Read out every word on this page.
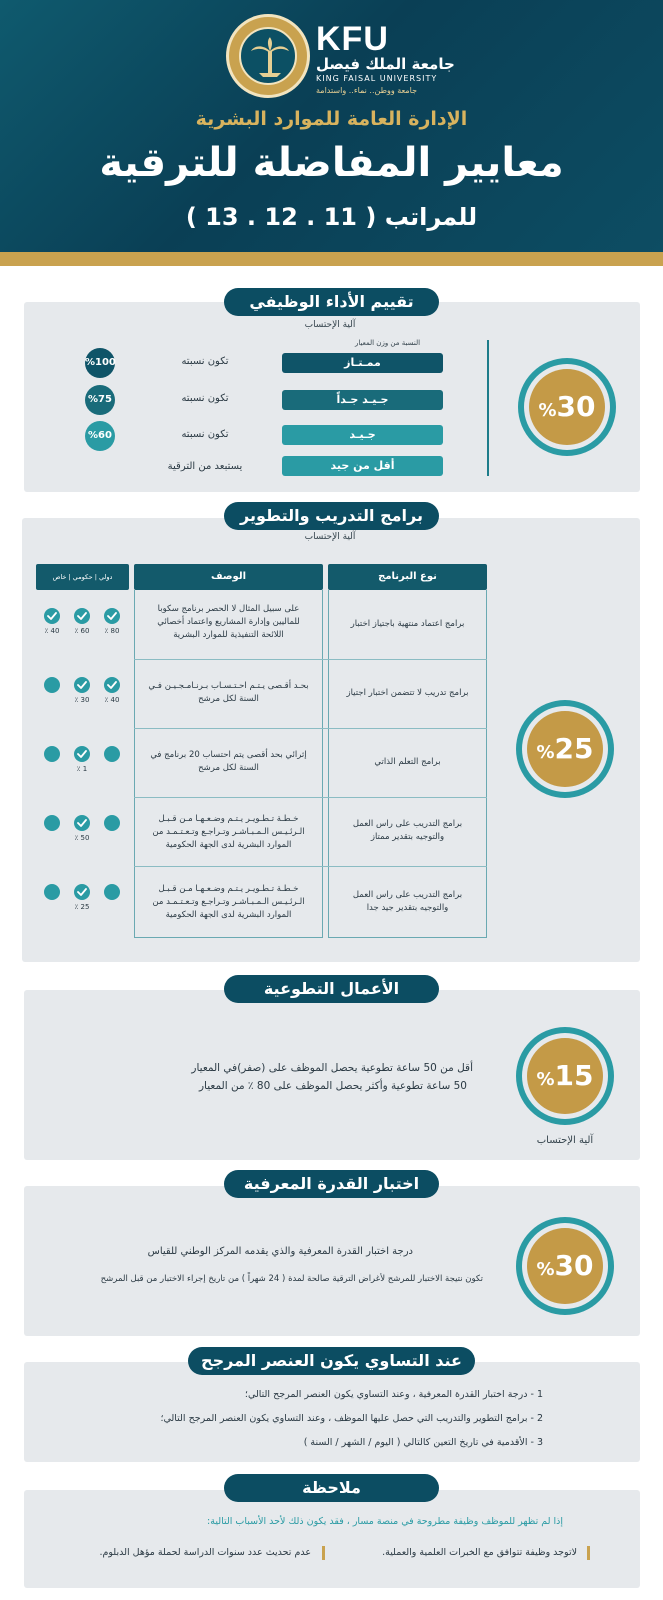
KFU
جامعة الملك فيصل
KING FAISAL UNIVERSITY
جامعة ووطن.. نماء.. واستدامة
الإدارة العامة للموارد البشرية
معايير المفاضلة للترقية
للمراتب ( 11 . 12 . 13 )
تقييم الأداء الوظيفي
آلية الإحتساب
النسبة من وزن المعيار
%30
ممـتـاز
جـيـد جـداً
جـيـد
أقل من جيد
تكون نسبته
تكون نسبته
تكون نسبته
يستبعد من الترقية
%100
%75
%60
برامج التدريب والتطوير
آلية الإحتساب
%25
نوع البرنامج
الوصف
دولي | حكومي | خاص
برامج اعتماد منتهية باجتياز اختبار
على سبيل المثال لا الحصر برنامج سكوبا
للماليين وإدارة المشاريع واعتماد أخصائي
اللائحة التنفيذية للموارد البشرية
برامج تدريب لا تتضمن اختبار اجتياز
بحـد أقـصى يـتـم احـتـسـاب بـرنـامـجـيـن فـي
السنة لكل مرشح
برامج التعلم الذاتي
إثرائي بحد أقصى يتم احتساب 20 برنامج في
السنة لكل مرشح
برامج التدريب على راس العمل والتوجيه بتقدير ممتاز
خـطـة تـطـويـر يـتـم وضـعـهـا مـن قـبـل
الـرئـيـس الـمـبـاشـر وتـراجـع وتـعـتـمـد من
الموارد البشرية لدى الجهة الحكومية
برامج التدريب على راس العمل والتوجيه بتقدير جيد جدا
خـطـة تـطـويـر يـتـم وضـعـهـا مـن قـبـل
الـرئـيـس الـمـبـاشـر وتـراجـع وتـعـتـمـد من
الموارد البشرية لدى الجهة الحكومية
80 ٪
60 ٪
40 ٪
40 ٪
30 ٪
1 ٪
50 ٪
25 ٪
الأعمال التطوعية
%15
آلية الإحتساب
أقل من 50 ساعة تطوعية يحصل الموظف على (صفر)في المعيار
50 ساعة تطوعية وأكثر يحصل الموظف على 80 ٪ من المعيار
اختبار القدرة المعرفية
%30
درجة اختبار القدرة المعرفية والذي يقدمه المركز الوطني للقياس
تكون نتيجة الاختبار للمرشح لأغراض الترقية صالحة لمدة ( 24 شهراً ) من تاريخ إجراء الاختبار من قبل المرشح
عند التساوي يكون العنصر المرجح
1 - درجة اختبار القدرة المعرفية ، وعند التساوي يكون العنصر المرجح التالي؛
2 - برامج التطوير والتدريب التي حصل عليها الموظف ، وعند التساوي يكون العنصر المرجح التالي؛
3 - الأقدمية في تاريخ التعين كالتالي ( اليوم / الشهر / السنة )
ملاحظة
إذا لم تظهر للموظف وظيفة مطروحة في منصة مسار ، فقد يكون ذلك لأحد الأسباب التالية:
لاتوجد وظيفة تتوافق مع الخبرات العلمية والعملية.
عدم تحديث عدد سنوات الدراسة لحملة مؤهل الدبلوم.
